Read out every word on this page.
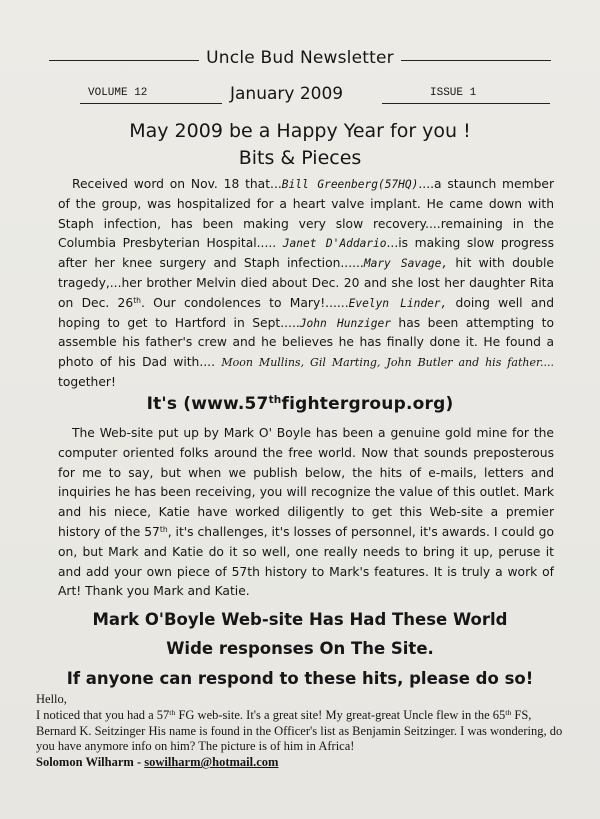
Uncle Bud Newsletter
VOLUME 12	January 2009	ISSUE 1
May 2009 be a Happy Year for you !
Bits & Pieces

Received word on Nov. 18 that...Bill Greenberg(57HQ)....a staunch member of the group, was hospitalized for a heart valve implant. He came down with Staph infection, has been making very slow recovery....remaining in the Columbia Presbyterian Hospital..... Janet D'Addario...is making slow progress after her knee surgery and Staph infection......Mary Savage, hit with double tragedy,...her brother Melvin died about Dec. 20 and she lost her daughter Rita on Dec. 26th. Our condolences to Mary!......Evelyn Linder, doing well and hoping to get to Hartford in Sept.....John Hunziger has been attempting to assemble his father's crew and he believes he has finally done it. He found a photo of his Dad with.... Moon Mullins, Gil Marting, John Butler and his father.... together!

It's (www.57thfightergroup.org)

The Web-site put up by Mark O' Boyle has been a genuine gold mine for the computer oriented folks around the free world. Now that sounds preposterous for me to say, but when we publish below, the hits of e-mails, letters and inquiries he has been receiving, you will recognize the value of this outlet. Mark and his niece, Katie have worked diligently to get this Web-site a premier history of the 57th, it's challenges, it's losses of personnel, it's awards. I could go on, but Mark and Katie do it so well, one really needs to bring it up, peruse it and add your own piece of 57th history to Mark's features. It is truly a work of Art! Thank you Mark and Katie.

Mark O'Boyle Web-site Has Had These World
Wide responses On The Site.
If anyone can respond to these hits, please do so!
Hello,
I noticed that you had a 57th FG web-site. It's a great site! My great-great Uncle flew in the 65th FS, Bernard K. Seitzinger His name is found in the Officer's list as Benjamin Seitzinger. I was wondering, do you have anymore info on him? The picture is of him in Africa!
Solomon Wilharm - sowilharm@hotmail.com
